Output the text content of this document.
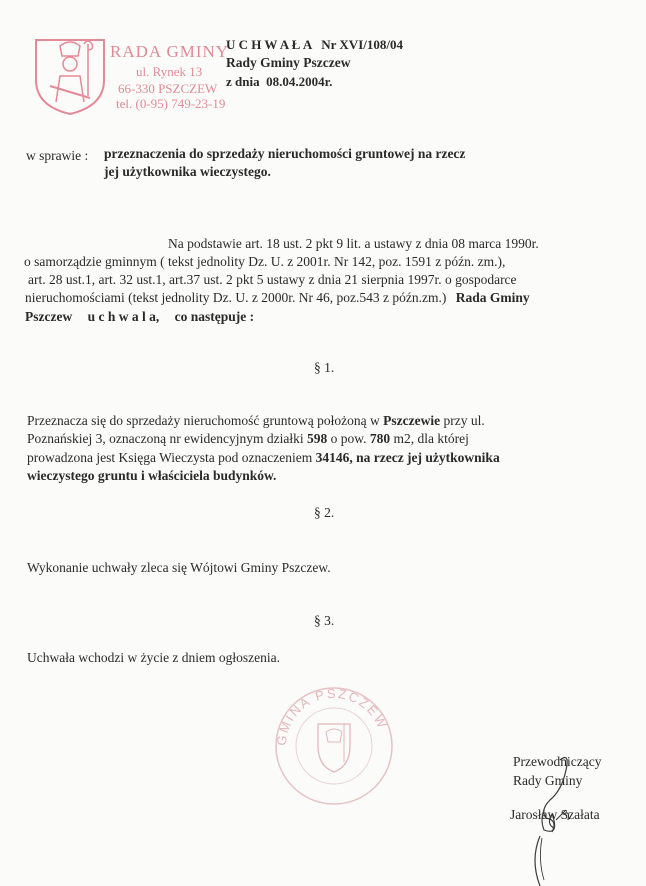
RADA GMINY
ul. Rynek 13
66-330 PSZCZEW
tel. (0-95) 749-23-19
U C H W A Ł A   Nr XVI/108/04
Rady Gminy Pszczew
z dnia  08.04.2004r.
w sprawie : przeznaczenia do sprzedaży nieruchomości gruntowej na rzecz
jej użytkownika wieczystego.
Na podstawie art. 18 ust. 2 pkt 9 lit. a ustawy z dnia 08 marca 1990r.
o samorządzie gminnym ( tekst jednolity Dz. U. z 2001r. Nr 142, poz. 1591 z późn. zm.),
art. 28 ust.1, art. 32 ust.1, art.37 ust. 2 pkt 5 ustawy z dnia 21 sierpnia 1997r. o gospodarce
nieruchomościami (tekst jednolity Dz. U. z 2000r. Nr 46, poz.543 z późn.zm.) Rada Gminy
Pszczew u c h w a l a, co następuje :
§ 1.
Przeznacza się do sprzedaży nieruchomość gruntową położoną w Pszczewie przy ul.
Poznańskiej 3, oznaczoną nr ewidencyjnym działki 598 o pow. 780 m2, dla której
prowadzona jest Księga Wieczysta pod oznaczeniem 34146, na rzecz jej użytkownika
wieczystego gruntu i właściciela budynków.
§ 2.
Wykonanie uchwały zleca się Wójtowi Gminy Pszczew.
§ 3.
Uchwała wchodzi w życie z dniem ogłoszenia.
GMINA PSZCZEW
Przewodniczący
Rady Gminy
Jarosław Szałata
